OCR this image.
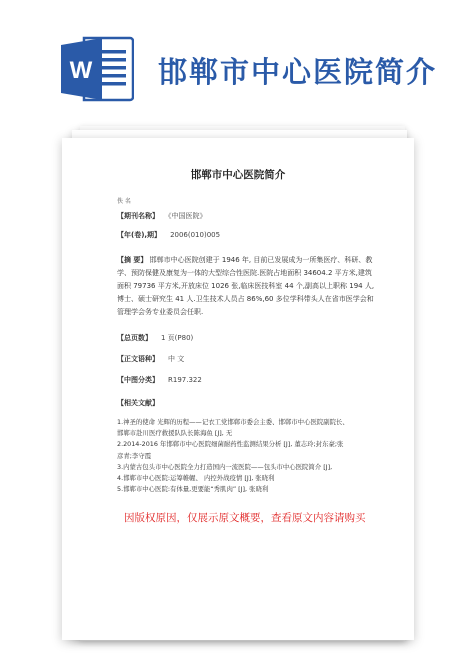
W 邯郸市中心医院简介
邯郸市中心医院简介
佚 名
【期刊名称】 《中国医院》
【年(卷),期】 2006(010)005
【摘 要】 邯郸市中心医院创建于 1946 年, 目前已发展成为一所集医疗、科研、教
学、预防保健及康复为一体的大型综合性医院.医院占地面积 34604.2 平方米,建筑
面积 79736 平方米,开放床位 1026 张,临床医技科室 44 个,副高以上职称 194 人,
博士、硕士研究生 41 人.卫生技术人员占 86%,60 多位学科带头人在省市医学会和
管理学会务专业委员会任职.
【总页数】 1 页(P80)
【正文语种】 中 文
【中图分类】 R197.322
【相关文献】
1.神圣的使命 光辉的历程——记衣工党邯郸市委会主委、邯郸市中心医院副院长、
邯郸市赴川医疗救援队队长陈海鱼 [J], 无
2.2014-2016 年邯郸市中心医院细菌耐药性监测结果分析 [J], 董志玲;封东豪;张
彦青;李守霞
3.内蒙古包头市中心医院全力打造国内一流医院——包头市中心医院简介 [J],
4.邯郸市中心医院:运筹帷幄、 内控外战疫情 [J], 张晓利
5.邯郸市中心医院:有体量,更要能“秀肌肉” [J], 张晓利
因版权原因，仅展示原文概要，查看原文内容请购买
